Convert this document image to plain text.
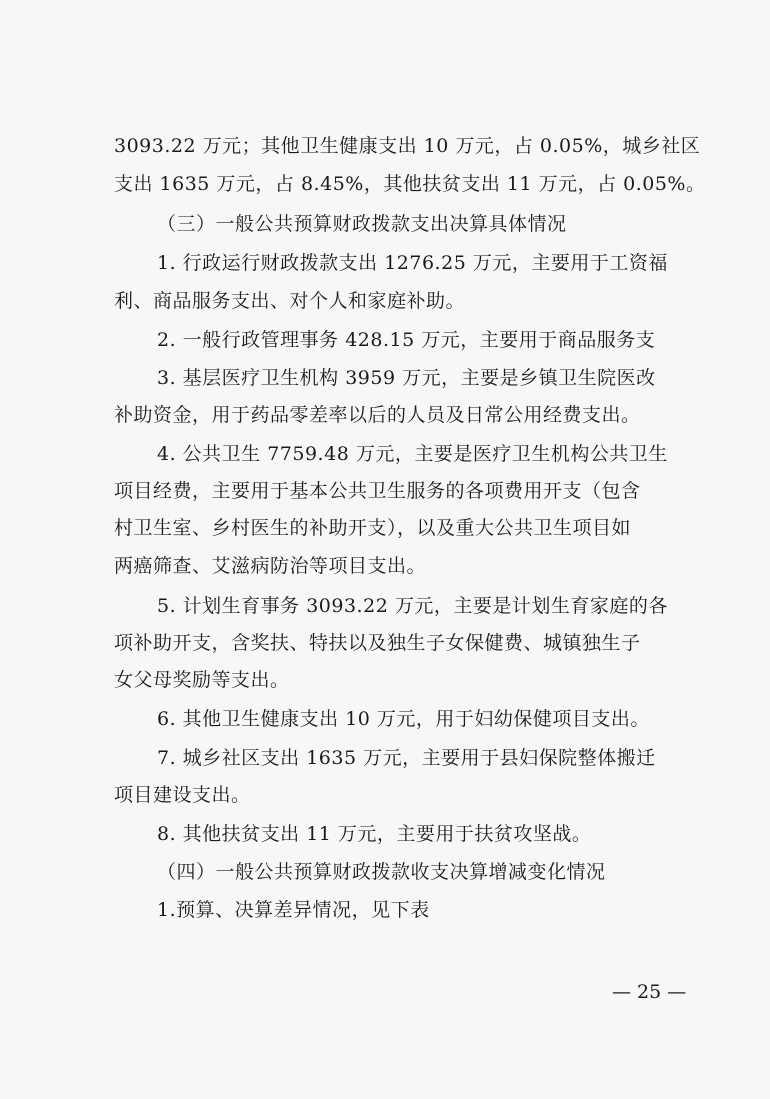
3093.22 万元；其他卫生健康支出 10 万元，占 0.05%，城乡社区
支出 1635 万元，占 8.45%，其他扶贫支出 11 万元，占 0.05%。
（三）一般公共预算财政拨款支出决算具体情况
1. 行政运行财政拨款支出 1276.25 万元，主要用于工资福
利、商品服务支出、对个人和家庭补助。
2. 一般行政管理事务 428.15 万元，主要用于商品服务支
3. 基层医疗卫生机构 3959 万元，主要是乡镇卫生院医改
补助资金，用于药品零差率以后的人员及日常公用经费支出。
4. 公共卫生 7759.48 万元，主要是医疗卫生机构公共卫生
项目经费，主要用于基本公共卫生服务的各项费用开支（包含
村卫生室、乡村医生的补助开支），以及重大公共卫生项目如
两癌筛查、艾滋病防治等项目支出。
5. 计划生育事务 3093.22 万元，主要是计划生育家庭的各
项补助开支，含奖扶、特扶以及独生子女保健费、城镇独生子
女父母奖励等支出。
6. 其他卫生健康支出 10 万元，用于妇幼保健项目支出。
7. 城乡社区支出 1635 万元，主要用于县妇保院整体搬迁
项目建设支出。
8. 其他扶贫支出 11 万元，主要用于扶贫攻坚战。
（四）一般公共预算财政拨款收支决算增减变化情况
1.预算、决算差异情况，见下表
— 25 —
